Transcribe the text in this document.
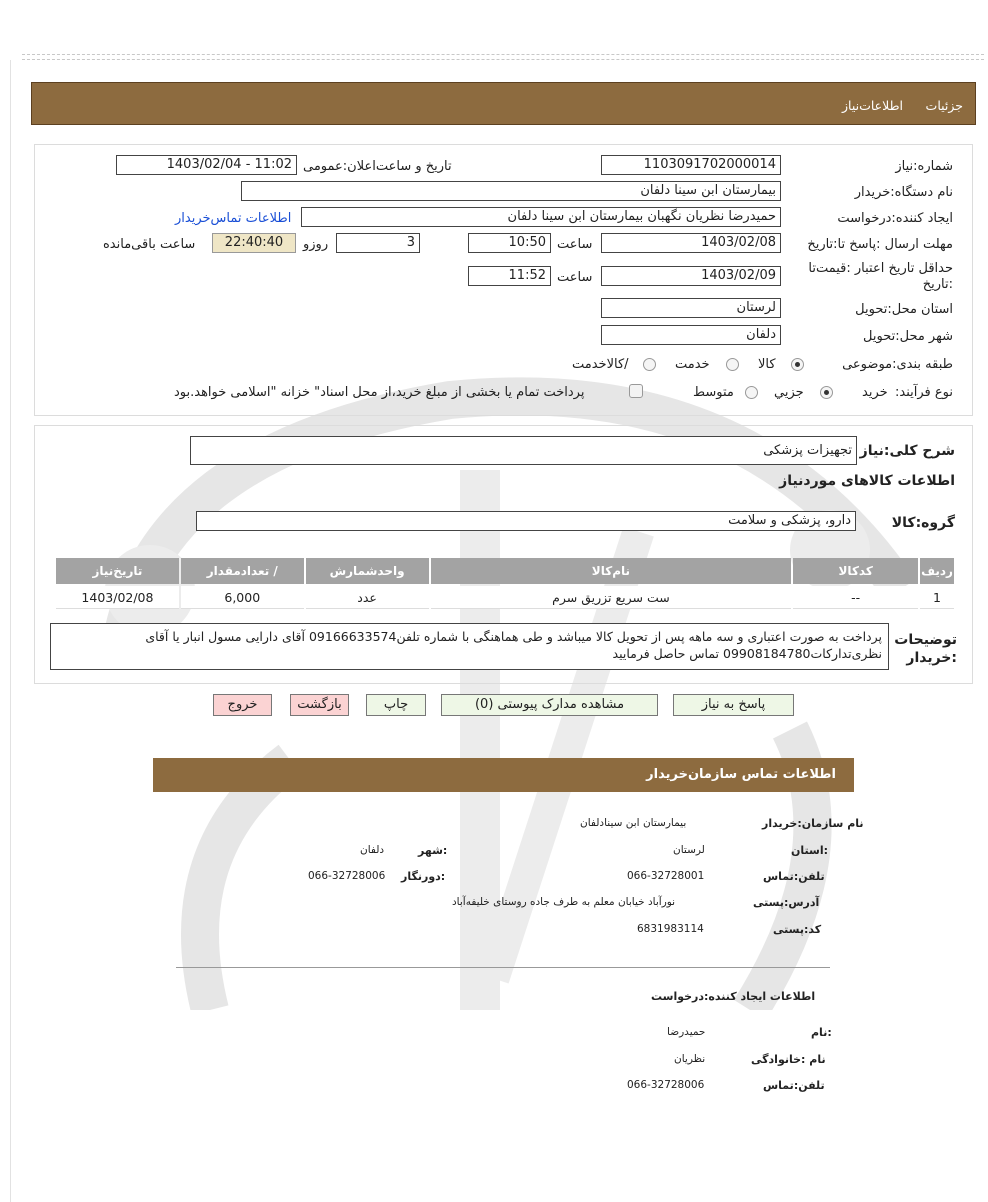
جزئیات
اطلاعات‌نیاز
شماره:نیاز
1103091702000014
تاریخ و ساعت‌اعلان:عمومی
1403/02/04 - 11:02
نام دستگاه:خریدار
بیمارستان ابن سینا دلفان
ایجاد کننده:درخواست
حمیدرضا نظریان نگهبان بیمارستان ابن سینا دلفان
اطلاعات تماس‌خریدار
مهلت ارسال :پاسخ تا:تاریخ
1403/02/08
ساعت
10:50
3
روزو
22:40:40
ساعت باقی‌مانده
حداقل تاریخ اعتبار :قیمت‌تا
:تاریخ
1403/02/09
ساعت
11:52
استان محل:تحویل
لرستان
شهر محل:تحویل
دلفان
طبقه بندی:موضوعی
کالا
خدمت
/کالاخدمت
نوع فرآیند:
خرید
جزیي
متوسط
پرداخت تمام یا بخشی از مبلغ خرید،از محل اسناد" خزانه "اسلامی خواهد.بود
شرح کلی:نیاز
تجهیزات پزشکی
اطلاعات کالاهای موردنیاز
گروه:کالا
دارو، پزشکی و سلامت
ردیف	کدکالا	نام‌کالا	واحدشمارش	/ تعدادمقدار	تاریخ‌نیاز
1	--	ست سریع تزریق سرم	عدد	6,000	1403/02/08
توضیحات
:خریدار
پرداخت به صورت اعتباری و سه ماهه پس از تحویل کالا میباشد و طی هماهنگی با شماره تلفن09166633574 آقای دارایی مسول انبار یا آقای
نظری‌تدارکات09908184780 تماس حاصل فرمایید
پاسخ به نیاز
مشاهده مدارک پیوستی (0)
چاپ
بازگشت
خروج
اطلاعات تماس سازمان‌خریدار
نام سازمان:خریدار
بیمارستان ابن سینادلفان
:استان
لرستان
:شهر
دلفان
تلفن:تماس
066-32728001
:دورنگار
066-32728006
آدرس:پستی
نورآباد خیابان معلم به طرف جاده روستای خلیفه‌آباد
کد:پستی
6831983114
اطلاعات ایجاد کننده:درخواست
:نام
حمیدرضا
نام :خانوادگی
نظریان
تلفن:تماس
066-32728006
